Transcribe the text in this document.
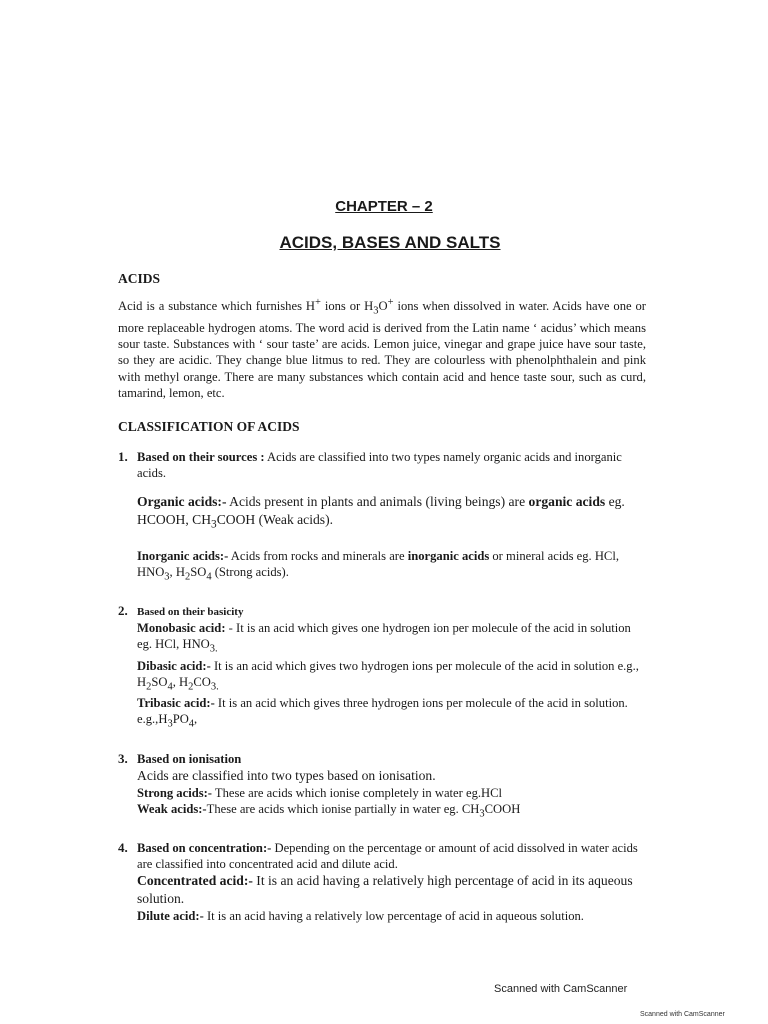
CHAPTER – 2
ACIDS, BASES AND SALTS
ACIDS

Acid is a substance which furnishes H+ ions or $H_3O^+$ ions when dissolved in water. Acids have one or more replaceable hydrogen atoms. The word acid is derived from the Latin name ‘ acidus’ which means sour taste. Substances with ‘ sour taste’ are acids. Lemon juice, vinegar and grape juice have sour taste, so they are acidic. They change blue litmus to red. They are colourless with phenolphthalein and pink with methyl orange. There are many substances which contain acid and hence taste sour, such as curd, tamarind, lemon, etc.

CLASSIFICATION OF ACIDS
1. Based on their sources : Acids are classified into two types namely organic acids and inorganic acids.
Organic acids:- Acids present in plants and animals (living beings) are organic acids eg. HCOOH, $CH_3COOH$ (Weak acids).
Inorganic acids:- Acids from rocks and minerals are inorganic acids or mineral acids eg. HCl, $HNO_3$, $H_2SO_4$ (Strong acids).
2. Based on their basicity
Monobasic acid: - It is an acid which gives one hydrogen ion per molecule of the acid in solution eg. HCl, $HNO_{3.}$
Dibasic acid:- It is an acid which gives two hydrogen ions per molecule of the acid in solution e.g., $H_2SO_4$, $H_2CO_{3.}$
Tribasic acid:- It is an acid which gives three hydrogen ions per molecule of the acid in solution. $e.g.,H_3PO_4$,
3. Based on ionisation
Acids are classified into two types based on ionisation.
Strong acids:- These are acids which ionise completely in water eg.HCl
Weak acids:-These are acids which ionise partially in water eg. $CH_3COOH$
4. Based on concentration:- Depending on the percentage or amount of acid dissolved in water acids are classified into concentrated acid and dilute acid.
Concentrated acid:- It is an acid having a relatively high percentage of acid in its aqueous solution.
Dilute acid:- It is an acid having a relatively low percentage of acid in aqueous solution.
Scanned with CamScanner
Scanned with CamScanner
